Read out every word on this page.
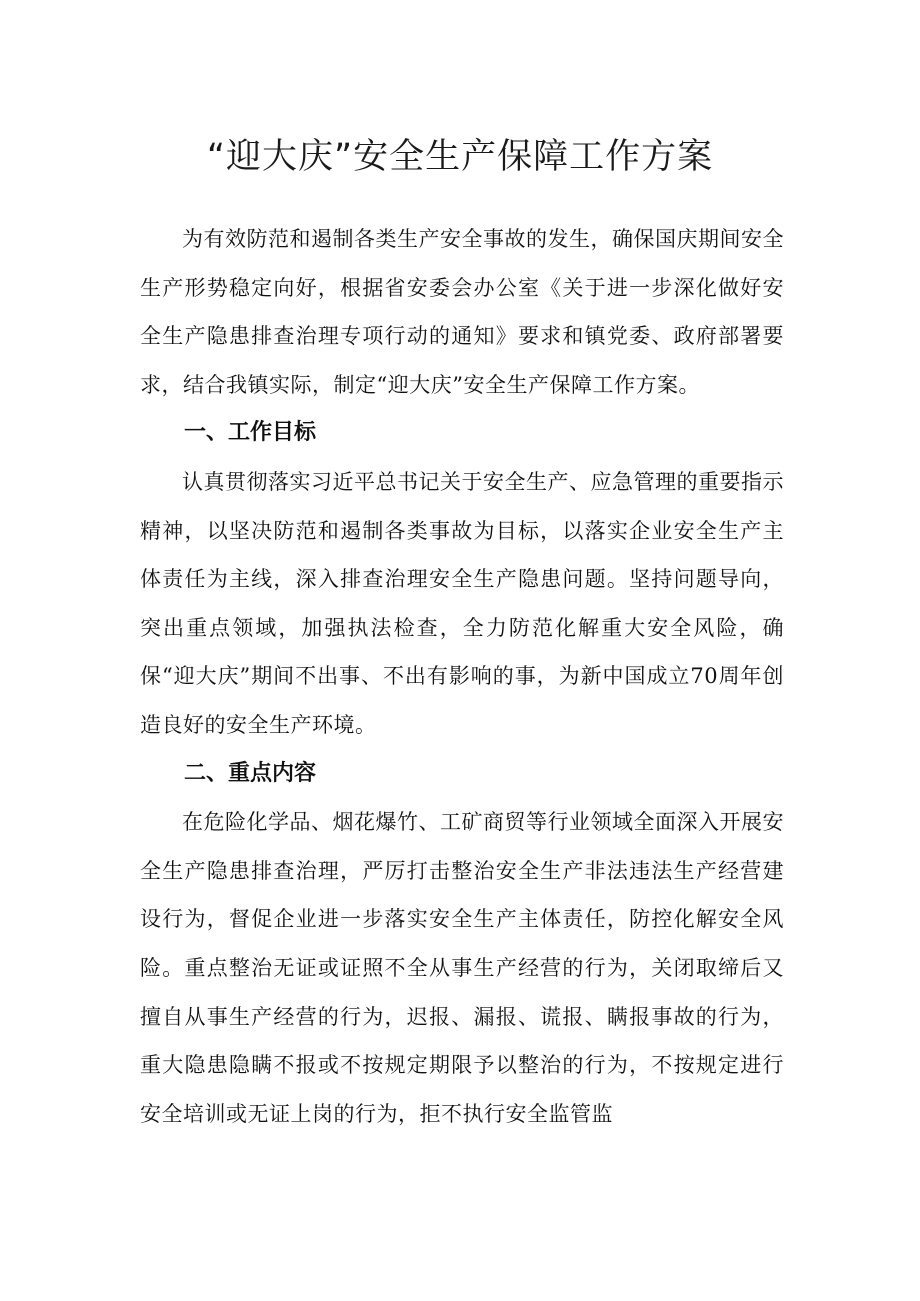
“迎大庆”安全生产保障工作方案

为有效防范和遏制各类生产安全事故的发生，确保国庆期间安全生产形势稳定向好，根据省安委会办公室《关于进一步深化做好安全生产隐患排查治理专项行动的通知》要求和镇党委、政府部署要求，结合我镇实际，制定“迎大庆”安全生产保障工作方案。

一、工作目标

认真贯彻落实习近平总书记关于安全生产、应急管理的重要指示精神，以坚决防范和遏制各类事故为目标，以落实企业安全生产主体责任为主线，深入排查治理安全生产隐患问题。坚持问题导向，突出重点领域，加强执法检查，全力防范化解重大安全风险，确保“迎大庆”期间不出事、不出有影响的事，为新中国成立70周年创造良好的安全生产环境。

二、重点内容

在危险化学品、烟花爆竹、工矿商贸等行业领域全面深入开展安全生产隐患排查治理，严厉打击整治安全生产非法违法生产经营建设行为，督促企业进一步落实安全生产主体责任，防控化解安全风险。重点整治无证或证照不全从事生产经营的行为，关闭取缔后又擅自从事生产经营的行为，迟报、漏报、谎报、瞒报事故的行为，重大隐患隐瞒不报或不按规定期限予以整治的行为，不按规定进行安全培训或无证上岗的行为，拒不执行安全监管监
